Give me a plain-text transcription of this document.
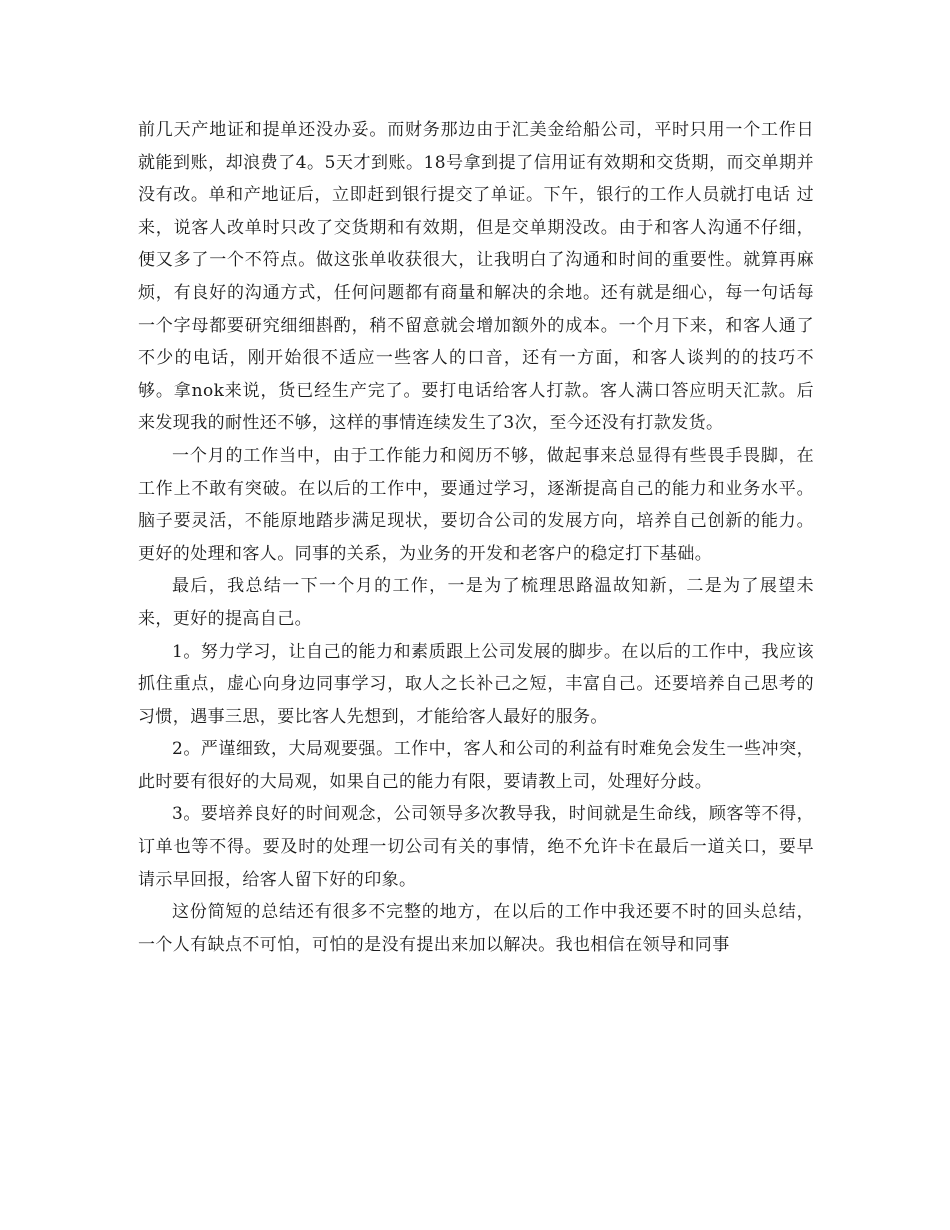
前几天产地证和提单还没办妥。而财务那边由于汇美金给船公司，平时只用一个工作日就能到账，却浪费了4。5天才到账。18号拿到提了信用证有效期和交货期，而交单期并没有改。单和产地证后，立即赶到银行提交了单证。下午，银行的工作人员就打电话 过来，说客人改单时只改了交货期和有效期，但是交单期没改。由于和客人沟通不仔细，便又多了一个不符点。做这张单收获很大，让我明白了沟通和时间的重要性。就算再麻烦，有良好的沟通方式，任何问题都有商量和解决的余地。还有就是细心，每一句话每一个字母都要研究细细斟酌，稍不留意就会增加额外的成本。一个月下来，和客人通了不少的电话，刚开始很不适应一些客人的口音，还有一方面，和客人谈判的的技巧不够。拿nok来说，货已经生产完了。要打电话给客人打款。客人满口答应明天汇款。后来发现我的耐性还不够，这样的事情连续发生了3次，至今还没有打款发货。

一个月的工作当中，由于工作能力和阅历不够，做起事来总显得有些畏手畏脚，在工作上不敢有突破。在以后的工作中，要通过学习，逐渐提高自己的能力和业务水平。脑子要灵活，不能原地踏步满足现状，要切合公司的发展方向，培养自己创新的能力。更好的处理和客人。同事的关系，为业务的开发和老客户的稳定打下基础。

最后，我总结一下一个月的工作，一是为了梳理思路温故知新，二是为了展望未来，更好的提高自己。

1。努力学习，让自己的能力和素质跟上公司发展的脚步。在以后的工作中，我应该抓住重点，虚心向身边同事学习，取人之长补己之短，丰富自己。还要培养自己思考的习惯，遇事三思，要比客人先想到，才能给客人最好的服务。

2。严谨细致，大局观要强。工作中，客人和公司的利益有时难免会发生一些冲突，此时要有很好的大局观，如果自己的能力有限，要请教上司，处理好分歧。

3。要培养良好的时间观念，公司领导多次教导我，时间就是生命线，顾客等不得，订单也等不得。要及时的处理一切公司有关的事情，绝不允许卡在最后一道关口，要早请示早回报，给客人留下好的印象。

这份简短的总结还有很多不完整的地方，在以后的工作中我还要不时的回头总结，一个人有缺点不可怕，可怕的是没有提出来加以解决。我也相信在领导和同事
